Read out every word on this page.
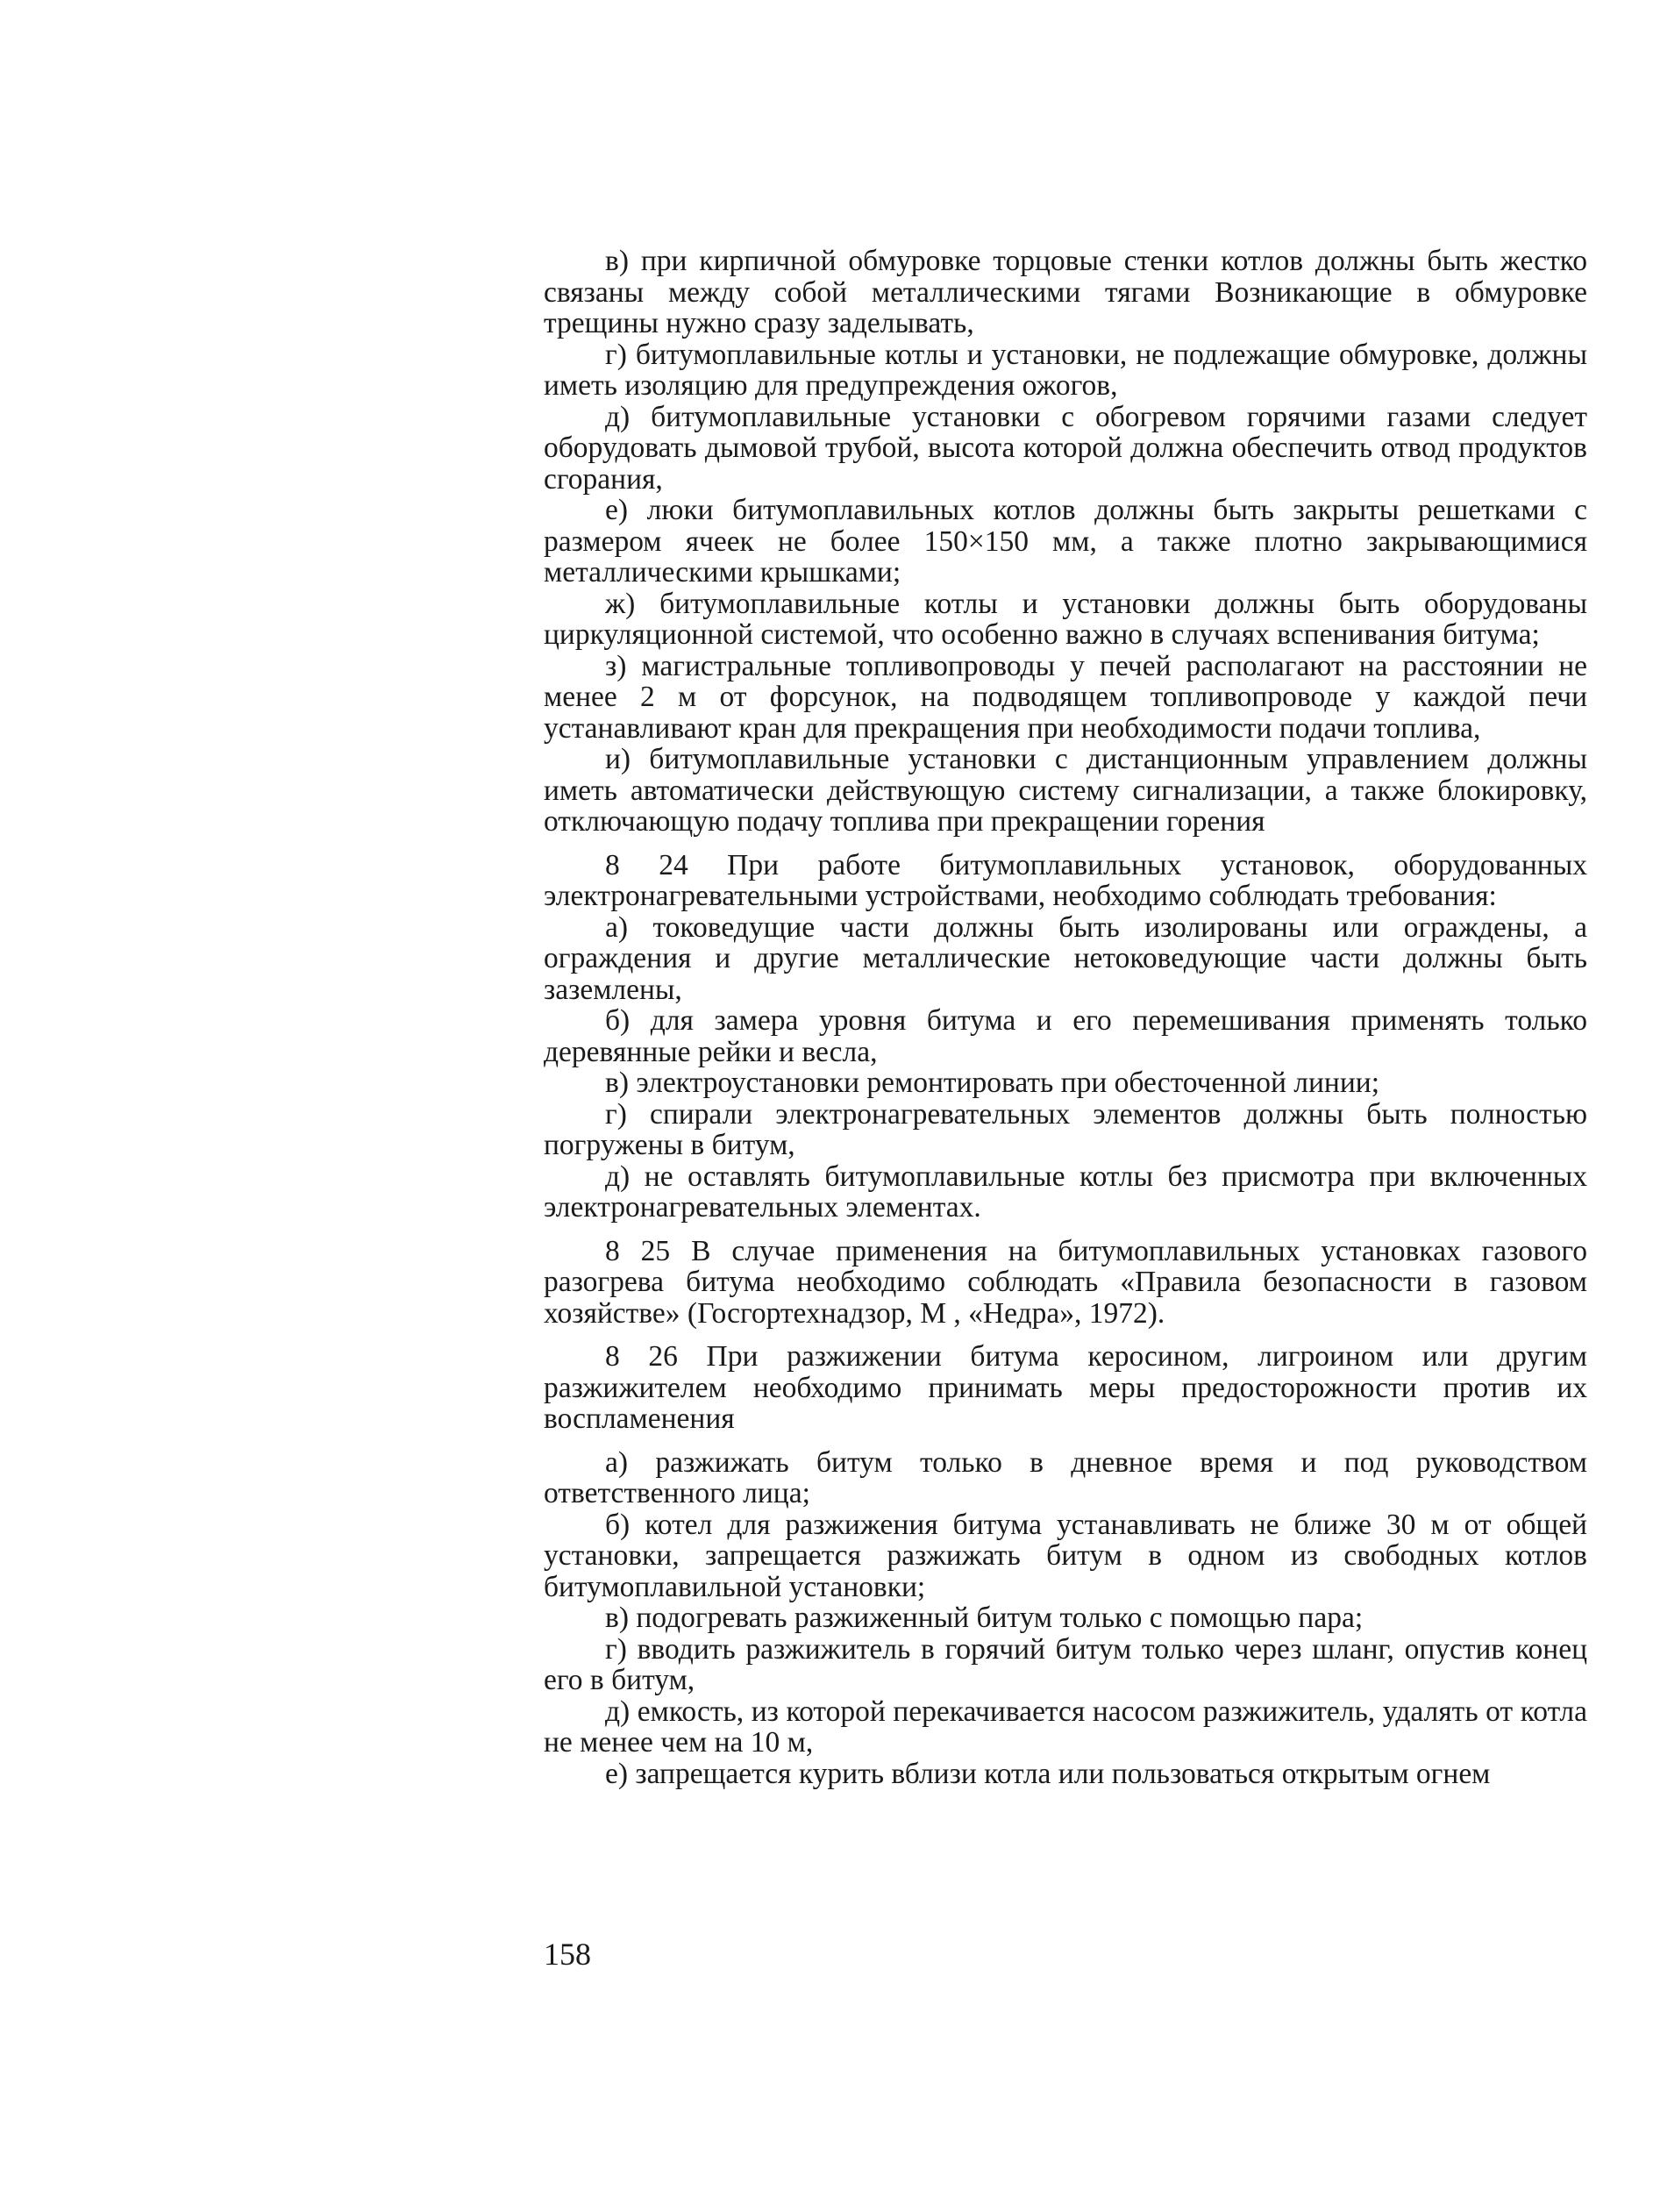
в) при кирпичной обмуровке торцовые стенки котлов должны быть жестко связаны между собой металлическими тягами Возникающие в обмуровке трещины нужно сразу заделывать,

г) битумоплавильные котлы и установки, не подлежащие обмуровке, должны иметь изоляцию для предупреждения ожогов,

д) битумоплавильные установки с обогревом горячими газами следует оборудовать дымовой трубой, высота которой должна обеспечить отвод продуктов сгорания,

е) люки битумоплавильных котлов должны быть закрыты решетками с размером ячеек не более 150×150 мм, а также плотно закрывающимися металлическими крышками;

ж) битумоплавильные котлы и установки должны быть оборудованы циркуляционной системой, что особенно важно в случаях вспенивания битума;

з) магистральные топливопроводы у печей располагают на расстоянии не менее 2 м от форсунок, на подводящем топливопроводе у каждой печи устанавливают кран для прекращения при необходимости подачи топлива,

и) битумоплавильные установки с дистанционным управлением должны иметь автоматически действующую систему сигнализации, а также блокировку, отключающую подачу топлива при прекращении горения

8 24 При работе битумоплавильных установок, оборудованных электронагревательными устройствами, необходимо соблюдать требования:

а) токоведущие части должны быть изолированы или ограждены, а ограждения и другие металлические нетоковедующие части должны быть заземлены,

б) для замера уровня битума и его перемешивания применять только деревянные рейки и весла,

в) электроустановки ремонтировать при обесточенной линии;

г) спирали электронагревательных элементов должны быть полностью погружены в битум,

д) не оставлять битумоплавильные котлы без присмотра при включенных электронагревательных элементах.

8 25 В случае применения на битумоплавильных установках газового разогрева битума необходимо соблюдать «Правила безопасности в газовом хозяйстве» (Госгортехнадзор, М , «Недра», 1972).

8 26 При разжижении битума керосином, лигроином или другим разжижителем необходимо принимать меры предосторожности против их воспламенения

а) разжижать битум только в дневное время и под руководством ответственного лица;

б) котел для разжижения битума устанавливать не ближе 30 м от общей установки, запрещается разжижать битум в одном из свободных котлов битумоплавильной установки;

в) подогревать разжиженный битум только с помощью пара;

г) вводить разжижитель в горячий битум только через шланг, опустив конец его в битум,

д) емкость, из которой перекачивается насосом разжижитель, удалять от котла не менее чем на 10 м,

е) запрещается курить вблизи котла или пользоваться открытым огнем

158
